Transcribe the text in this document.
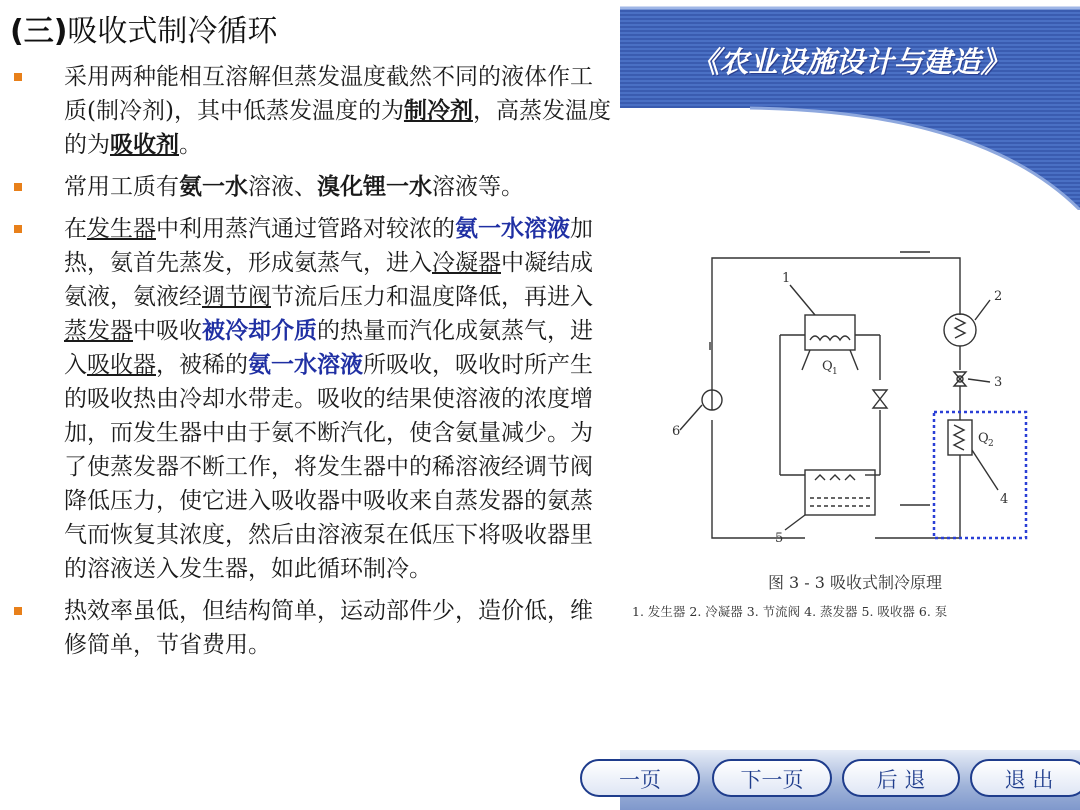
(三)吸收式制冷循环
采用两种能相互溶解但蒸发温度截然不同的液体作工质(制冷剂)，其中低蒸发温度的为制冷剂，高蒸发温度的为吸收剂。
常用工质有氨一水溶液、溴化锂一水溶液等。
在发生器中利用蒸汽通过管路对较浓的氨一水溶液加热，氨首先蒸发，形成氨蒸气，进入冷凝器中凝结成氨液，氨液经调节阀节流后压力和温度降低，再进入蒸发器中吸收被冷却介质的热量而汽化成氨蒸气，进入吸收器，被稀的氨一水溶液所吸收，吸收时所产生的吸收热由冷却水带走。吸收的结果使溶液的浓度增加，而发生器中由于氨不断汽化，使含氨量减少。为了使蒸发器不断工作，将发生器中的稀溶液经调节阀降低压力，使它进入吸收器中吸收来自蒸发器的氨蒸气而恢复其浓度，然后由溶液泵在低压下将吸收器里的溶液送入发生器，如此循环制冷。
热效率虽低，但结构简单，运动部件少，造价低，维修简单，节省费用。
《农业设施设计与建造》
1
2
3
4
5
6
Q 1
Q 2
图 3 - 3 吸收式制冷原理
1. 发生器 2. 冷凝器 3. 节流阀 4. 蒸发器 5. 吸收器 6. 泵
一页	下一页	后 退	退 出
